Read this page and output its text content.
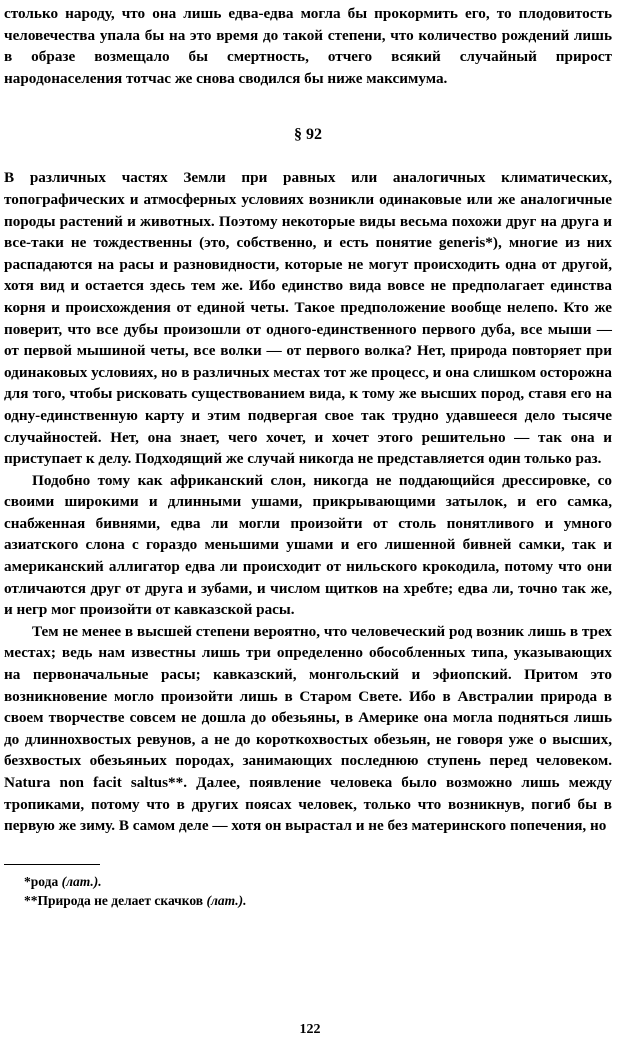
столько народу, что она лишь едва-едва могла бы прокормить его, то плодовитость человечества упала бы на это время до такой степени, что количество рождений лишь в образе возмещало бы смертность, отчего всякий случайный прирост народонаселения тотчас же снова сводился бы ниже максимума.

§ 92

В различных частях Земли при равных или аналогичных климатических, топографических и атмосферных условиях возникли одинаковые или же аналогичные породы растений и животных. Поэтому некоторые виды весьма похожи друг на друга и все-таки не тождественны (это, собственно, и есть понятие generis*), многие из них распадаются на расы и разновидности, которые не могут происходить одна от другой, хотя вид и остается здесь тем же. Ибо единство вида вовсе не предполагает единства корня и происхождения от единой четы. Такое предположение вообще нелепо. Кто же поверит, что все дубы произошли от одного-единственного первого дуба, все мыши — от первой мышиной четы, все волки — от первого волка? Нет, природа повторяет при одинаковых условиях, но в различных местах тот же процесс, и она слишком осторожна для того, чтобы рисковать существованием вида, к тому же высших пород, ставя его на одну-единственную карту и этим подвергая свое так трудно удавшееся дело тысяче случайностей. Нет, она знает, чего хочет, и хочет этого решительно — так она и приступает к делу. Подходящий же случай никогда не представляется один только раз.

Подобно тому как африканский слон, никогда не поддающийся дрессировке, со своими широкими и длинными ушами, прикрывающими затылок, и его самка, снабженная бивнями, едва ли могли произойти от столь понятливого и умного азиатского слона с гораздо меньшими ушами и его лишенной бивней самки, так и американский аллигатор едва ли происходит от нильского крокодила, потому что они отличаются друг от друга и зубами, и числом щитков на хребте; едва ли, точно так же, и негр мог произойти от кавказской расы.

Тем не менее в высшей степени вероятно, что человеческий род возник лишь в трех местах; ведь нам известны лишь три определенно обособленных типа, указывающих на первоначальные расы; кавказский, монгольский и эфиопский. Притом это возникновение могло произойти лишь в Старом Свете. Ибо в Австралии природа в своем творчестве совсем не дошла до обезьяны, в Америке она могла подняться лишь до длиннохвостых ревунов, а не до короткохвостых обезьян, не говоря уже о высших, безхвостых обезьяньих породах, занимающих последнюю ступень перед человеком. Natura non facit saltus**. Далее, появление человека было возможно лишь между тропиками, потому что в других поясах человек, только что возникнув, погиб бы в первую же зиму. В самом деле — хотя он вырастал и не без материнского попечения, но

*рода (лат.).
**Природа не делает скачков (лат.).
122
